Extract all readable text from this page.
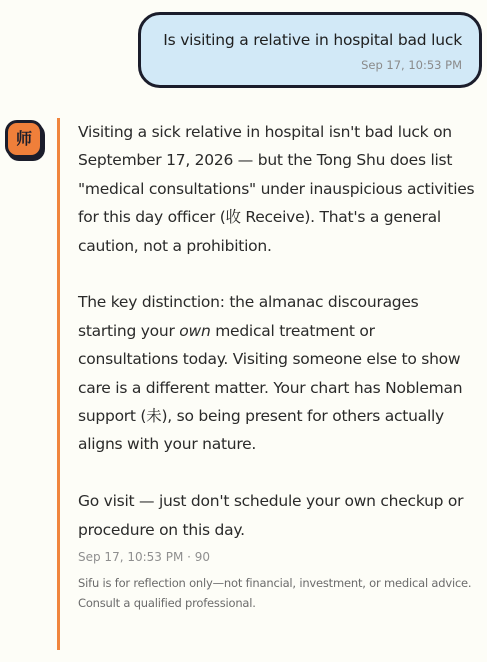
Is visiting a relative in hospital bad luck
Sep 17, 10:53 PM
师	Visiting a sick relative in hospital isn't bad luck on September 17, 2026 — but the Tong Shu does list "medical consultations" under inauspicious activities for this day officer (收 Receive). That's a general caution, not a prohibition.

The key distinction: the almanac discourages starting your own medical treatment or consultations today. Visiting someone else to show care is a different matter. Your chart has Nobleman support (未), so being present for others actually aligns with your nature.

Go visit — just don't schedule your own checkup or procedure on this day.

Sep 17, 10:53 PM · 90
Sifu is for reflection only—not financial, investment, or medical advice. Consult a qualified professional.
